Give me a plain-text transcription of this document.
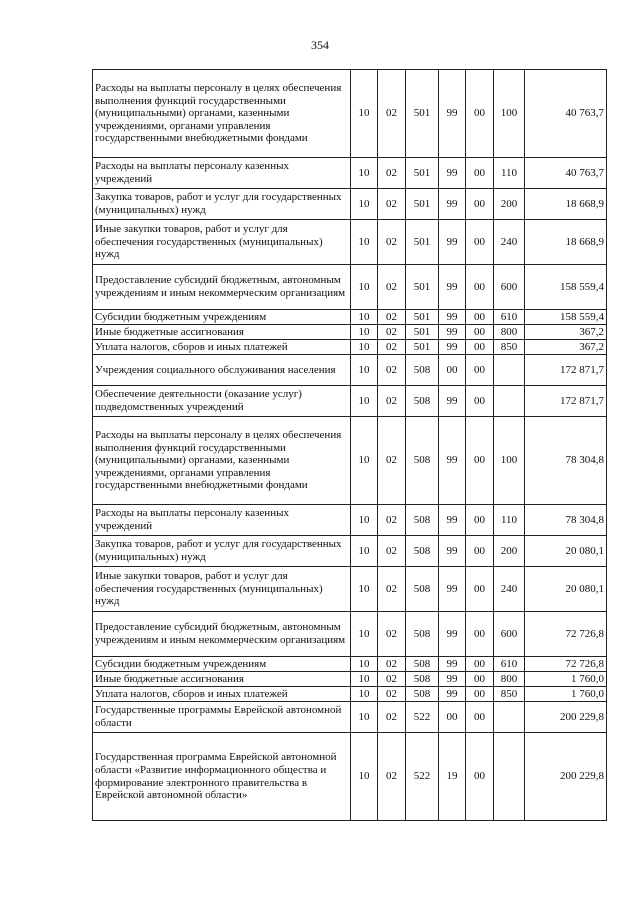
354
Расходы на выплаты персоналу в целях обеспечения выполнения функций государственными (муниципальными) органами, казенными учреждениями, органами управления государственными внебюджетными фондами	10	02	501	99	00	100	40 763,7
Расходы на выплаты персоналу казенных учреждений	10	02	501	99	00	110	40 763,7
Закупка товаров, работ и услуг для государственных (муниципальных) нужд	10	02	501	99	00	200	18 668,9
Иные закупки товаров, работ и услуг для обеспечения государственных (муниципальных) нужд	10	02	501	99	00	240	18 668,9
Предоставление субсидий бюджетным, автономным учреждениям и иным некоммерческим организациям	10	02	501	99	00	600	158 559,4
Субсидии бюджетным учреждениям	10	02	501	99	00	610	158 559,4
Иные бюджетные ассигнования	10	02	501	99	00	800	367,2
Уплата налогов, сборов и иных платежей	10	02	501	99	00	850	367,2
Учреждения социального обслуживания населения	10	02	508	00	00		172 871,7
Обеспечение деятельности (оказание услуг) подведомственных учреждений	10	02	508	99	00		172 871,7
Расходы на выплаты персоналу в целях обеспечения выполнения функций государственными (муниципальными) органами, казенными учреждениями, органами управления государственными внебюджетными фондами	10	02	508	99	00	100	78 304,8
Расходы на выплаты персоналу казенных учреждений	10	02	508	99	00	110	78 304,8
Закупка товаров, работ и услуг для государственных (муниципальных) нужд	10	02	508	99	00	200	20 080,1
Иные закупки товаров, работ и услуг для обеспечения государственных (муниципальных) нужд	10	02	508	99	00	240	20 080,1
Предоставление субсидий бюджетным, автономным учреждениям и иным некоммерческим организациям	10	02	508	99	00	600	72 726,8
Субсидии бюджетным учреждениям	10	02	508	99	00	610	72 726,8
Иные бюджетные ассигнования	10	02	508	99	00	800	1 760,0
Уплата налогов, сборов и иных платежей	10	02	508	99	00	850	1 760,0
Государственные программы Еврейской автономной области	10	02	522	00	00		200 229,8
Государственная программа Еврейской автономной области «Развитие информационного общества и формирование электронного правительства в Еврейской автономной области»	10	02	522	19	00		200 229,8
